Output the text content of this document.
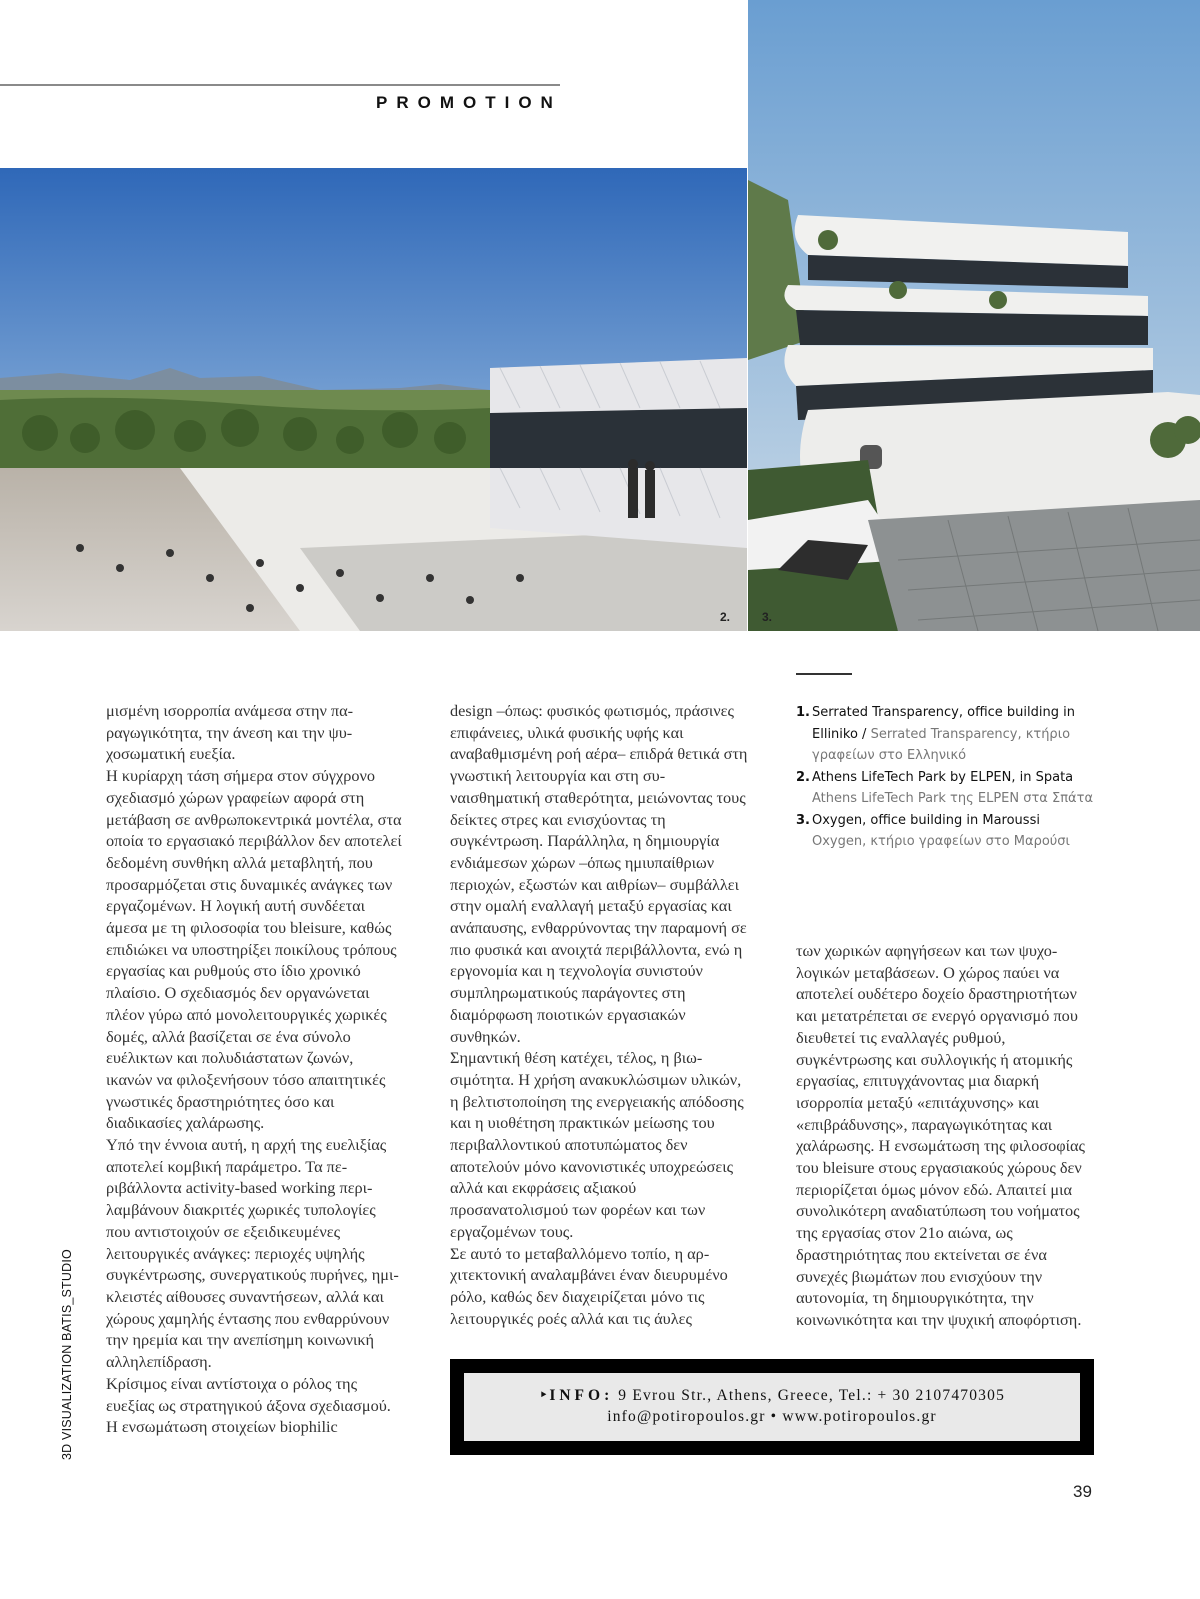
PROMOTION
2.	3.

μισμένη ισορροπία ανάμεσα στην παραγωγικότητα, την άνεση και την ψυχοσωματική ευεξία.

Η κυρίαρχη τάση σήμερα στον σύγχρονο σχεδιασμό χώρων γραφείων αφορά στη μετάβαση σε ανθρωποκεντρικά μοντέλα, στα οποία το εργασιακό περιβάλλον δεν αποτελεί δεδομένη συνθήκη αλλά μεταβλητή, που προσαρμόζεται στις δυναμικές ανάγκες των εργαζομένων. Η λογική αυτή συνδέεται άμεσα με τη φιλοσοφία του bleisure, καθώς επιδιώκει να υποστηρίξει ποικίλους τρόπους εργασίας και ρυθμούς στο ίδιο χρονικό πλαίσιο. Ο σχεδιασμός δεν οργανώνεται πλέον γύρω από μονολειτουργικές χωρικές δομές, αλλά βασίζεται σε ένα σύνολο ευέλικτων και πολυδιάστατων ζωνών, ικανών να φιλοξενήσουν τόσο απαιτητικές γνωστικές δραστηριότητες όσο και διαδικασίες χαλάρωσης.

Υπό την έννοια αυτή, η αρχή της ευελιξίας αποτελεί κομβική παράμετρο. Τα περιβάλλοντα activity-based working περιλαμβάνουν διακριτές χωρικές τυπολογίες που αντιστοιχούν σε εξειδικευμένες λειτουργικές ανάγκες: περιοχές υψηλής συγκέντρωσης, συνεργατικούς πυρήνες, ημι-κλειστές αίθουσες συναντήσεων, αλλά και χώρους χαμηλής έντασης που ενθαρρύνουν την ηρεμία και την ανεπίσημη κοινωνική αλληλεπίδραση.

Κρίσιμος είναι αντίστοιχα ο ρόλος της ευεξίας ως στρατηγικού άξονα σχεδιασμού. Η ενσωμάτωση στοιχείων biophilic

design –όπως: φυσικός φωτισμός, πράσινες επιφάνειες, υλικά φυσικής υφής και αναβαθμισμένη ροή αέρα– επιδρά θετικά στη γνωστική λειτουργία και στη συναισθηματική σταθερότητα, μειώνοντας τους δείκτες στρες και ενισχύοντας τη συγκέντρωση. Παράλληλα, η δημιουργία ενδιάμεσων χώρων –όπως ημιυπαίθριων περιοχών, εξωστών και αιθρίων– συμβάλλει στην ομαλή εναλλαγή μεταξύ εργασίας και ανάπαυσης, ενθαρρύνοντας την παραμονή σε πιο φυσικά και ανοιχτά περιβάλλοντα, ενώ η εργονομία και η τεχνολογία συνιστούν συμπληρωματικούς παράγοντες στη διαμόρφωση ποιοτικών εργασιακών συνθηκών.

Σημαντική θέση κατέχει, τέλος, η βιωσιμότητα. Η χρήση ανακυκλώσιμων υλικών, η βελτιστοποίηση της ενεργειακής απόδοσης και η υιοθέτηση πρακτικών μείωσης του περιβαλλοντικού αποτυπώματος δεν αποτελούν μόνο κανονιστικές υποχρεώσεις αλλά και εκφράσεις αξιακού προσανατολισμού των φορέων και των εργαζομένων τους.

Σε αυτό το μεταβαλλόμενο τοπίο, η αρχιτεκτονική αναλαμβάνει έναν διευρυμένο ρόλο, καθώς δεν διαχειρίζεται μόνο τις λειτουργικές ροές αλλά και τις άυλες

1. Serrated Transparency, office building in Elliniko / Serrated Transparency, κτήριο γραφείων στο Ελληνικό
2. Athens LifeTech Park by ELPEN, in Spata
Athens LifeTech Park της ELPEN στα Σπάτα
3. Oxygen, office building in Maroussi
Oxygen, κτήριο γραφείων στο Μαρούσι

των χωρικών αφηγήσεων και των ψυχολογικών μεταβάσεων. Ο χώρος παύει να αποτελεί ουδέτερο δοχείο δραστηριοτήτων και μετατρέπεται σε ενεργό οργανισμό που διευθετεί τις εναλλαγές ρυθμού, συγκέντρωσης και συλλογικής ή ατομικής εργασίας, επιτυγχάνοντας μια διαρκή ισορροπία μεταξύ «επιτάχυνσης» και «επιβράδυνσης», παραγωγικότητας και χαλάρωσης. Η ενσωμάτωση της φιλοσοφίας του bleisure στους εργασιακούς χώρους δεν περιορίζεται όμως μόνον εδώ. Απαιτεί μια συνολικότερη αναδιατύπωση του νοήματος της εργασίας στον 21ο αιώνα, ως δραστηριότητας που εκτείνεται σε ένα συνεχές βιωμάτων που ενισχύουν την αυτονομία, τη δημιουργικότητα, την κοινωνικότητα και την ψυχική αποφόρτιση.

3D VISUALIZATION BATIS_STUDIO	‣INFO: 9 Evrou Str., Athens, Greece, Tel.: + 30 2107470305
info@potiropoulos.gr • www.potiropoulos.gr
39
